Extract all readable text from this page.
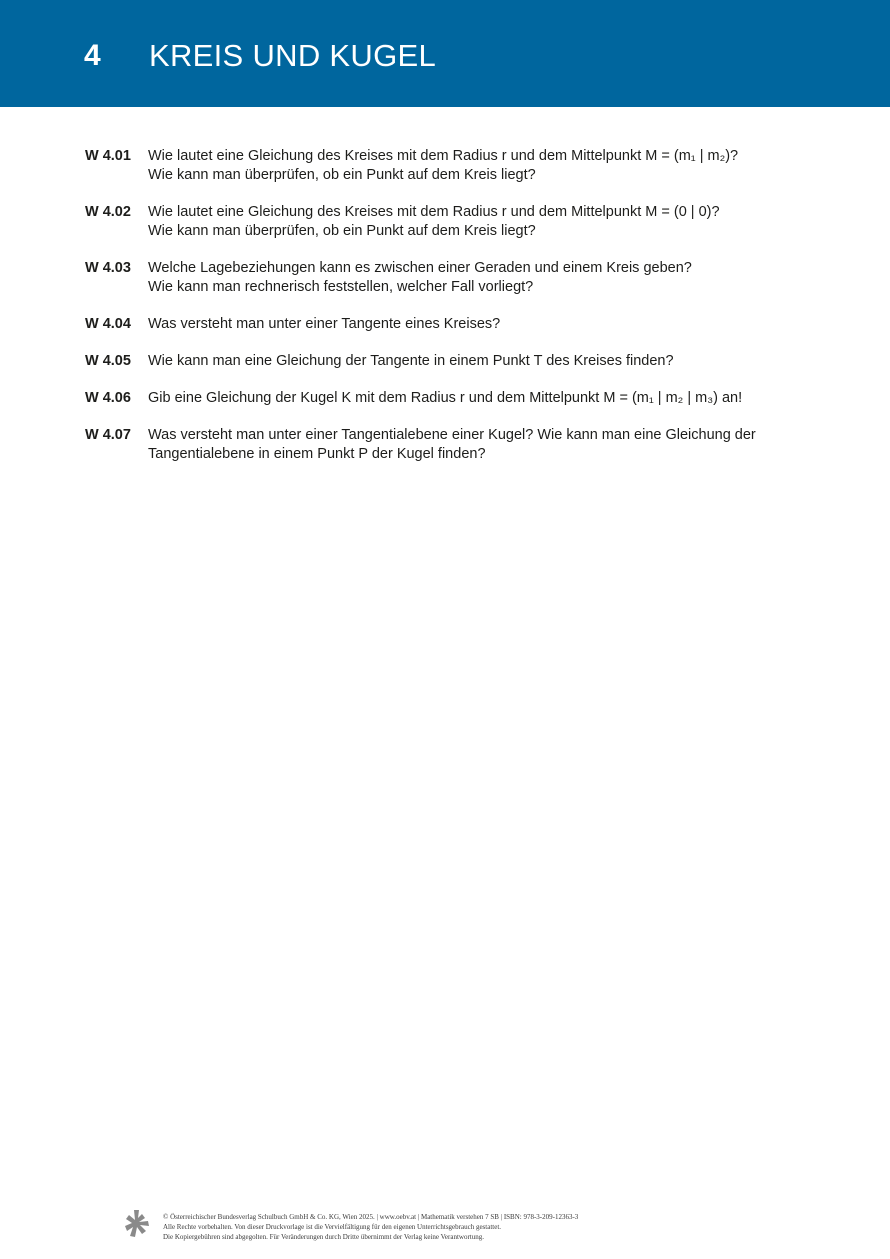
4 KREIS UND KUGEL
W 4.01 Wie lautet eine Gleichung des Kreises mit dem Radius r und dem Mittelpunkt M = (m₁ | m₂)?
Wie kann man überprüfen, ob ein Punkt auf dem Kreis liegt?
W 4.02 Wie lautet eine Gleichung des Kreises mit dem Radius r und dem Mittelpunkt M = (0 | 0)?
Wie kann man überprüfen, ob ein Punkt auf dem Kreis liegt?
W 4.03 Welche Lagebeziehungen kann es zwischen einer Geraden und einem Kreis geben?
Wie kann man rechnerisch feststellen, welcher Fall vorliegt?
W 4.04 Was versteht man unter einer Tangente eines Kreises?
W 4.05 Wie kann man eine Gleichung der Tangente in einem Punkt T des Kreises finden?
W 4.06 Gib eine Gleichung der Kugel K mit dem Radius r und dem Mittelpunkt M = (m₁ | m₂ | m₃) an!
W 4.07 Was versteht man unter einer Tangentialebene einer Kugel? Wie kann man eine Gleichung der
Tangentialebene in einem Punkt P der Kugel finden?
© Österreichischer Bundesverlag Schulbuch GmbH & Co. KG, Wien 2025. | www.oebv.at | Mathematik verstehen 7 SB | ISBN: 978-3-209-12363-3
Alle Rechte vorbehalten. Von dieser Druckvorlage ist die Vervielfältigung für den eigenen Unterrichtsgebrauch gestattet.
Die Kopiergebühren sind abgegolten. Für Veränderungen durch Dritte übernimmt der Verlag keine Verantwortung.
